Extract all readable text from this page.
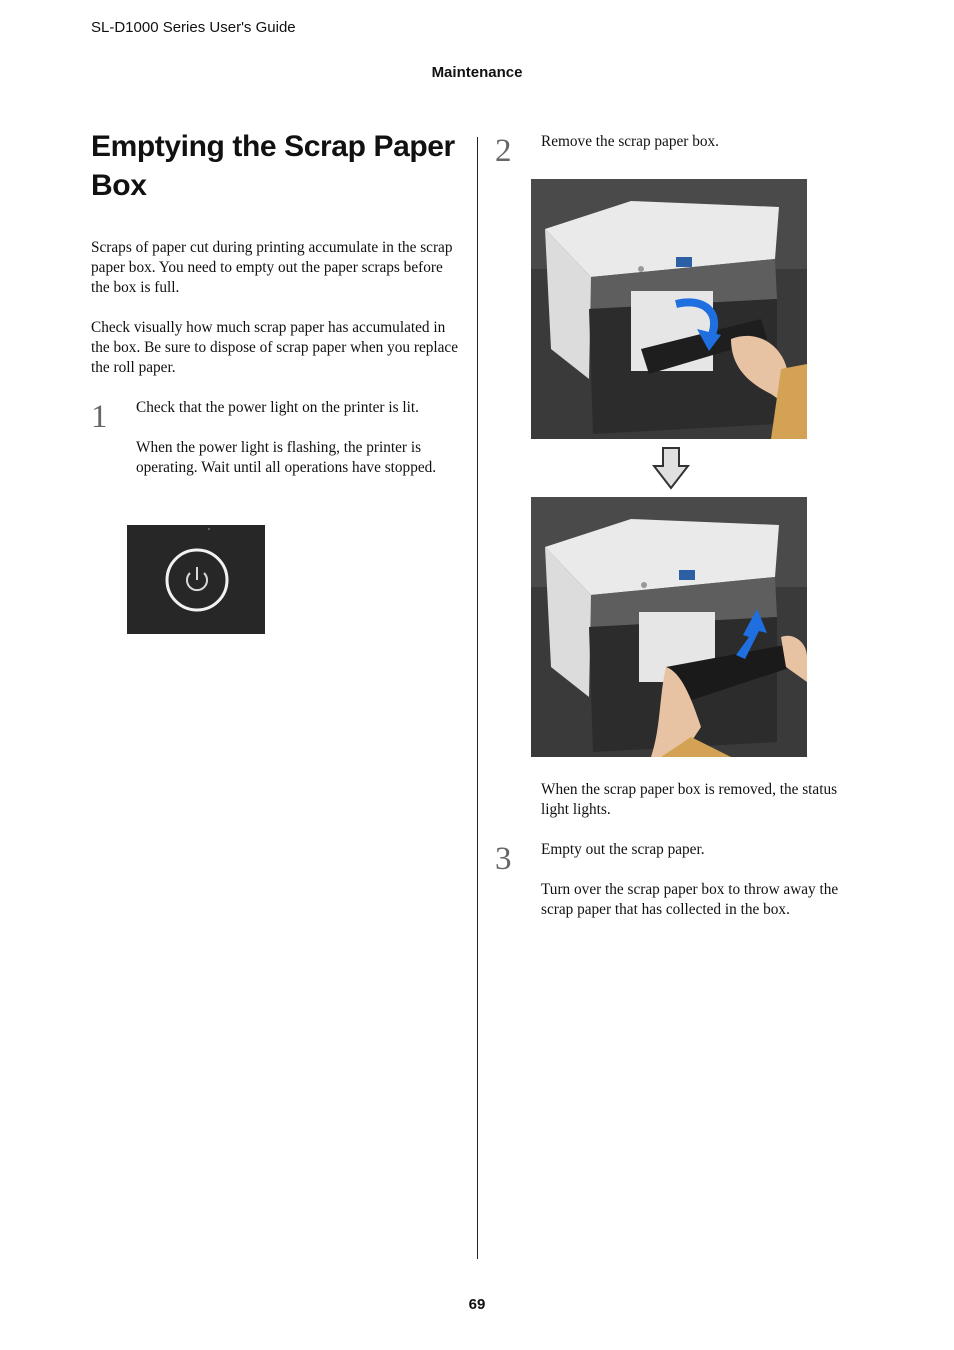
SL-D1000 Series User's Guide
Maintenance
Emptying the Scrap Paper Box

Scraps of paper cut during printing accumulate in the scrap paper box. You need to empty out the paper scraps before the box is full.

Check visually how much scrap paper has accumulated in the box. Be sure to dispose of scrap paper when you replace the roll paper.

1 Check that the power light on the printer is lit.

When the power light is flashing, the printer is operating. Wait until all operations have stopped.

2 Remove the scrap paper box.

When the scrap paper box is removed, the status light lights.

3 Empty out the scrap paper.

Turn over the scrap paper box to throw away the scrap paper that has collected in the box.

69
